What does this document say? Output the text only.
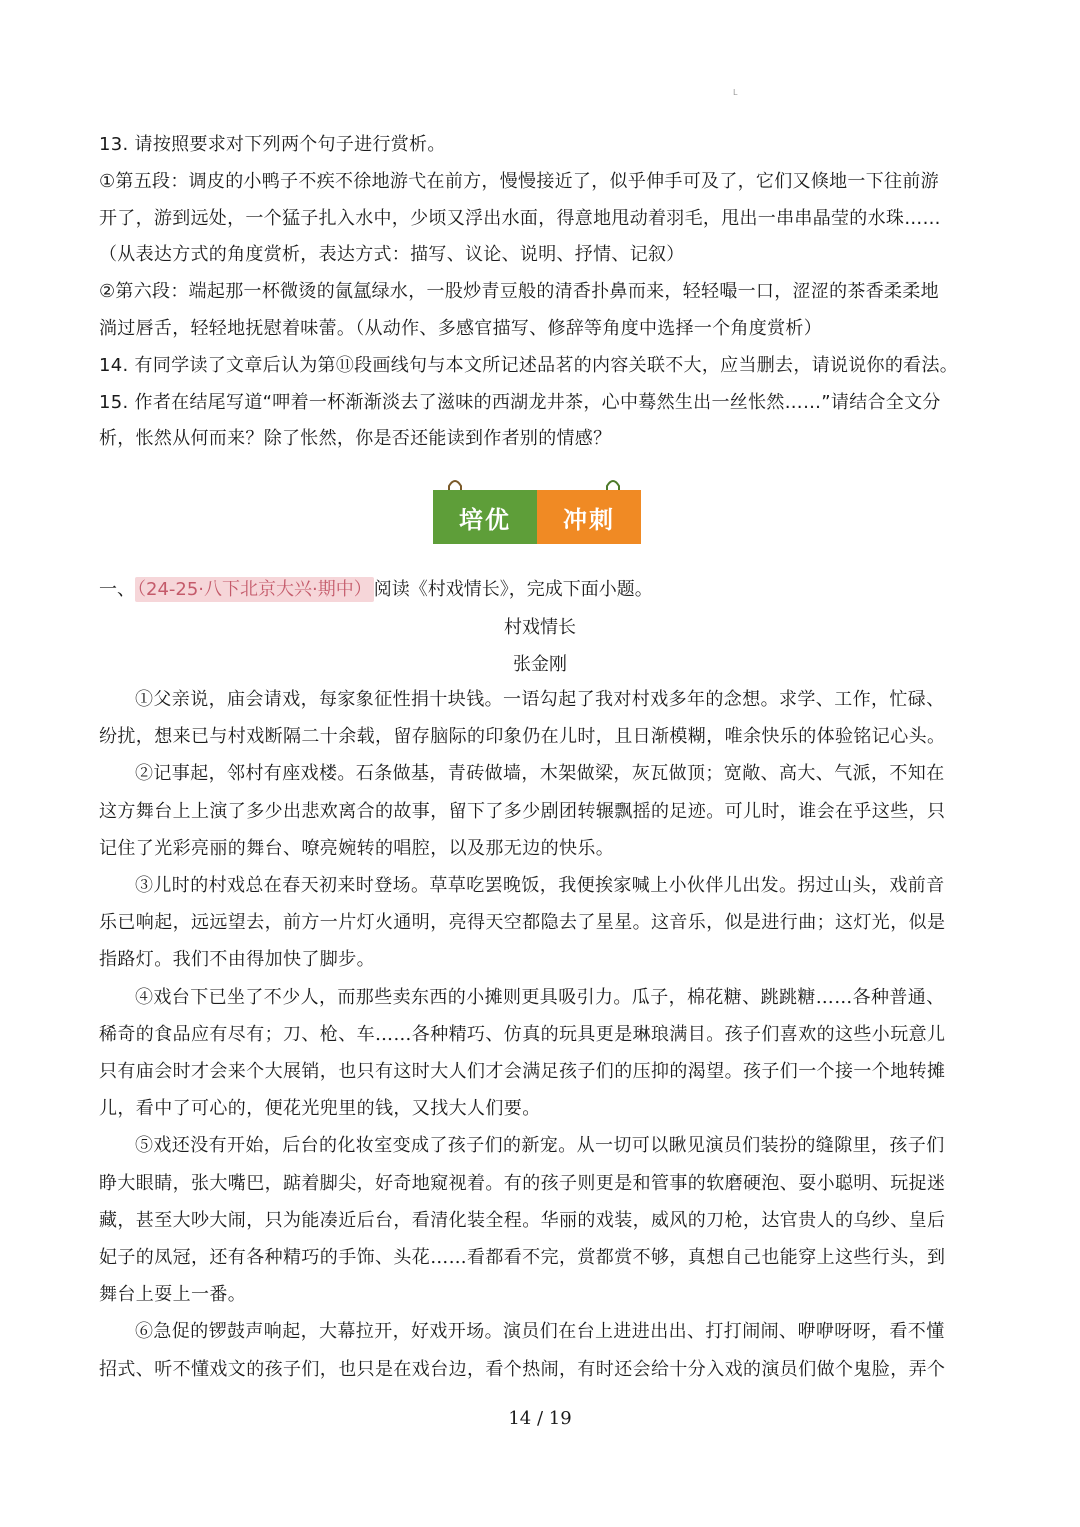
L

13. 请按照要求对下列两个句子进行赏析。

①第五段：调皮的小鸭子不疾不徐地游弋在前方，慢慢接近了，似乎伸手可及了，它们又倏地一下往前游

开了，游到远处，一个猛子扎入水中，少顷又浮出水面，得意地甩动着羽毛，甩出一串串晶莹的水珠……

（从表达方式的角度赏析，表达方式：描写、议论、说明、抒情、记叙）

②第六段：端起那一杯微烫的氤氲绿水，一股炒青豆般的清香扑鼻而来，轻轻嘬一口，涩涩的茶香柔柔地

淌过唇舌，轻轻地抚慰着味蕾。（从动作、多感官描写、修辞等角度中选择一个角度赏析）

14. 有同学读了文章后认为第⑪段画线句与本文所记述品茗的内容关联不大，应当删去，请说说你的看法。

15. 作者在结尾写道“呷着一杯渐渐淡去了滋味的西湖龙井茶，心中蓦然生出一丝怅然……”请结合全文分

析，怅然从何而来？除了怅然，你是否还能读到作者别的情感？

培优	冲刺
一、 （24-25·八下北京大兴·期中） 阅读《村戏情长》，完成下面小题。
村戏情长
张金刚

①父亲说，庙会请戏，每家象征性捐十块钱。一语勾起了我对村戏多年的念想。求学、工作，忙碌、
纷扰，想来已与村戏断隔二十余载，留存脑际的印象仍在儿时，且日渐模糊，唯余快乐的体验铭记心头。

②记事起，邻村有座戏楼。石条做基，青砖做墙，木架做梁，灰瓦做顶；宽敞、高大、气派，不知在
这方舞台上上演了多少出悲欢离合的故事，留下了多少剧团转辗飘摇的足迹。可儿时，谁会在乎这些，只
记住了光彩亮丽的舞台、嘹亮婉转的唱腔，以及那无边的快乐。

③儿时的村戏总在春天初来时登场。草草吃罢晚饭，我便挨家喊上小伙伴儿出发。拐过山头，戏前音
乐已响起，远远望去，前方一片灯火通明，亮得天空都隐去了星星。这音乐，似是进行曲；这灯光，似是
指路灯。我们不由得加快了脚步。

④戏台下已坐了不少人，而那些卖东西的小摊则更具吸引力。瓜子，棉花糖、跳跳糖……各种普通、
稀奇的食品应有尽有；刀、枪、车……各种精巧、仿真的玩具更是琳琅满目。孩子们喜欢的这些小玩意儿
只有庙会时才会来个大展销，也只有这时大人们才会满足孩子们的压抑的渴望。孩子们一个接一个地转摊
儿，看中了可心的，便花光兜里的钱，又找大人们要。

⑤戏还没有开始，后台的化妆室变成了孩子们的新宠。从一切可以瞅见演员们装扮的缝隙里，孩子们
睁大眼睛，张大嘴巴，踮着脚尖，好奇地窥视着。有的孩子则更是和管事的软磨硬泡、耍小聪明、玩捉迷
藏，甚至大吵大闹，只为能凑近后台，看清化装全程。华丽的戏装，威风的刀枪，达官贵人的乌纱、皇后
妃子的凤冠，还有各种精巧的手饰、头花……看都看不完，赏都赏不够，真想自己也能穿上这些行头，到
舞台上耍上一番。

⑥急促的锣鼓声响起，大幕拉开，好戏开场。演员们在台上进进出出、打打闹闹、咿咿呀呀，看不懂
招式、听不懂戏文的孩子们，也只是在戏台边，看个热闹，有时还会给十分入戏的演员们做个鬼脸，弄个

14 / 19
